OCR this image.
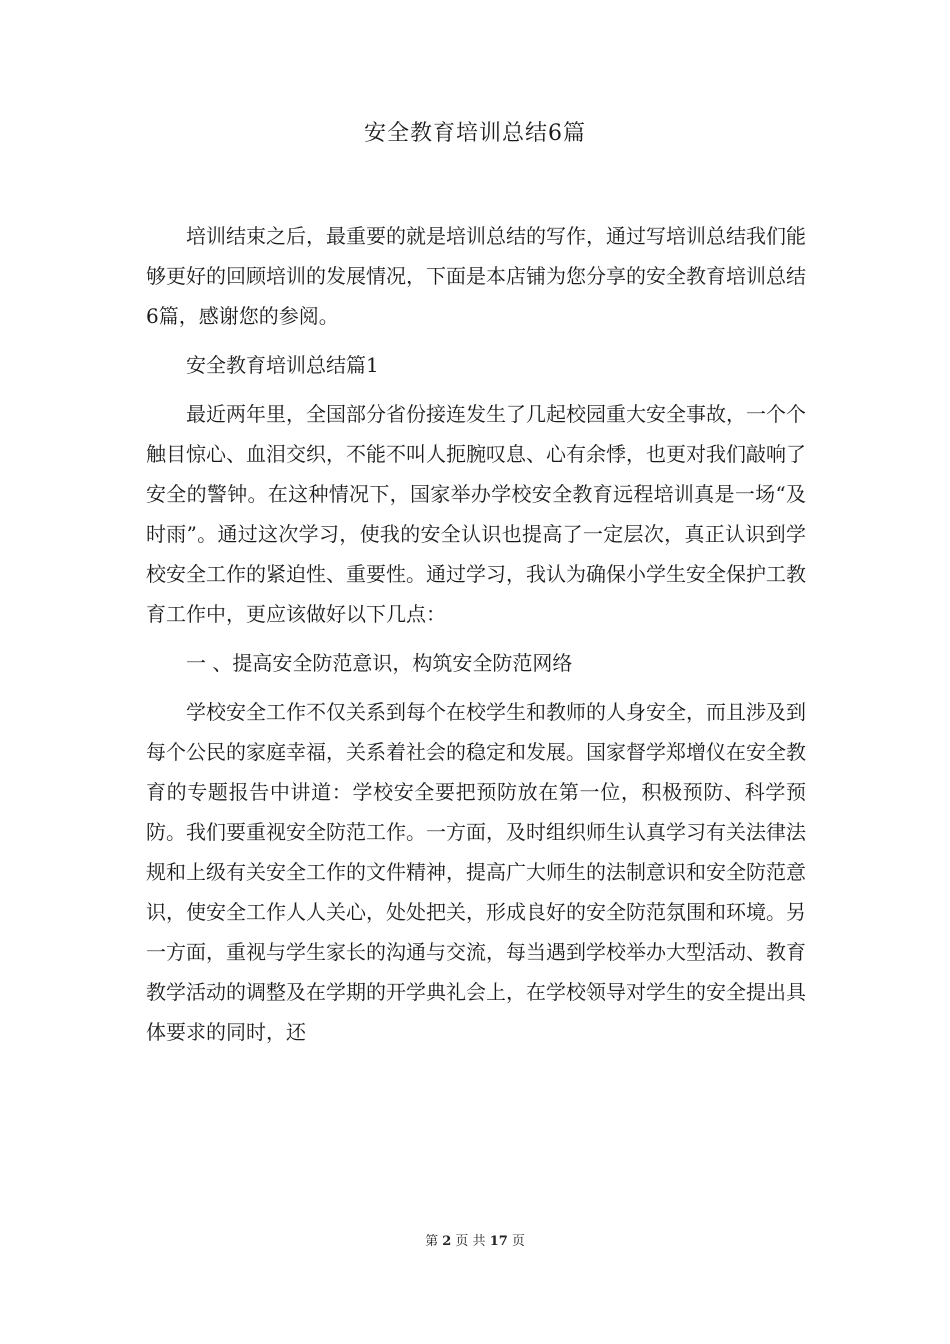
安全教育培训总结6篇

培训结束之后，最重要的就是培训总结的写作，通过写培训总结我们能够更好的回顾培训的发展情况，下面是本店铺为您分享的安全教育培训总结6篇，感谢您的参阅。

安全教育培训总结篇1

最近两年里，全国部分省份接连发生了几起校园重大安全事故，一个个触目惊心、血泪交织，不能不叫人扼腕叹息、心有余悸，也更对我们敲响了安全的警钟。在这种情况下，国家举办学校安全教育远程培训真是一场“及时雨”。通过这次学习，使我的安全认识也提高了一定层次，真正认识到学校安全工作的紧迫性、重要性。通过学习，我认为确保小学生安全保护工教育工作中，更应该做好以下几点：

一 、提高安全防范意识，构筑安全防范网络

学校安全工作不仅关系到每个在校学生和教师的人身安全，而且涉及到每个公民的家庭幸福，关系着社会的稳定和发展。国家督学郑增仪在安全教育的专题报告中讲道：学校安全要把预防放在第一位，积极预防、科学预防。我们要重视安全防范工作。一方面，及时组织师生认真学习有关法律法规和上级有关安全工作的文件精神，提高广大师生的法制意识和安全防范意识，使安全工作人人关心，处处把关，形成良好的安全防范氛围和环境。另一方面，重视与学生家长的沟通与交流，每当遇到学校举办大型活动、教育教学活动的调整及在学期的开学典礼会上，在学校领导对学生的安全提出具体要求的同时，还

第 2 页 共 17 页
